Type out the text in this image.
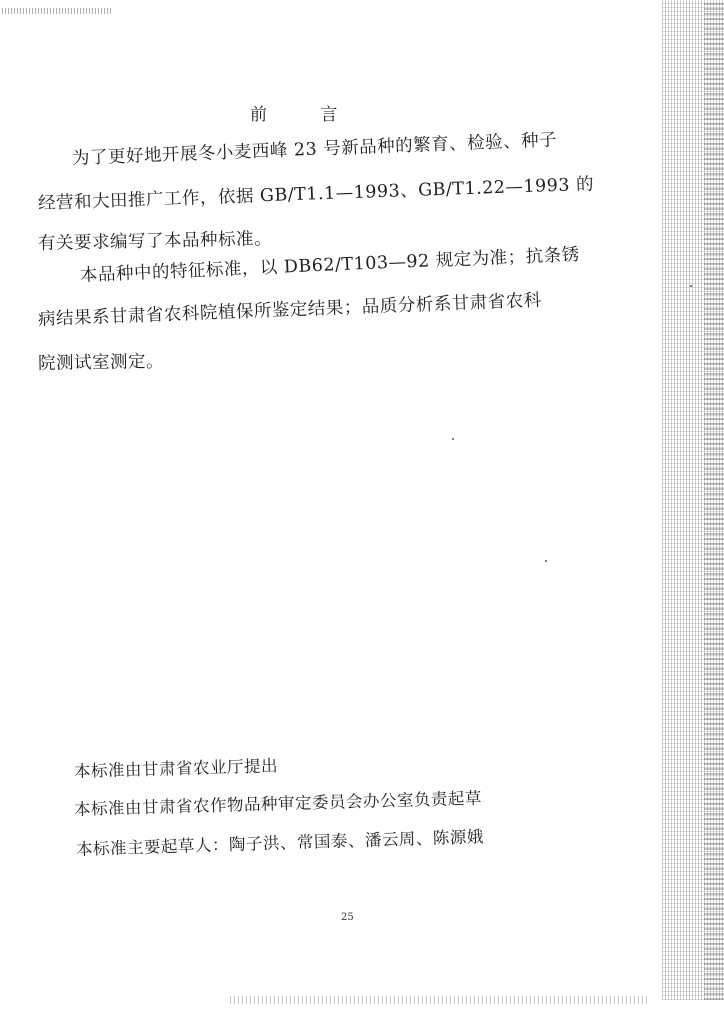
前 言
为了更好地开展冬小麦西峰 23 号新品种的繁育、检验、种子
经营和大田推广工作，依据 GB/T1.1—1993、GB/T1.22—1993 的
有关要求编写了本品种标准。
本品种中的特征标准，以 DB62/T103—92 规定为准；抗条锈
病结果系甘肃省农科院植保所鉴定结果；品质分析系甘肃省农科
院测试室测定。
本标准由甘肃省农业厅提出
本标准由甘肃省农作物品种审定委员会办公室负责起草
本标准主要起草人：陶子洪、常国泰、潘云周、陈源娥
25
